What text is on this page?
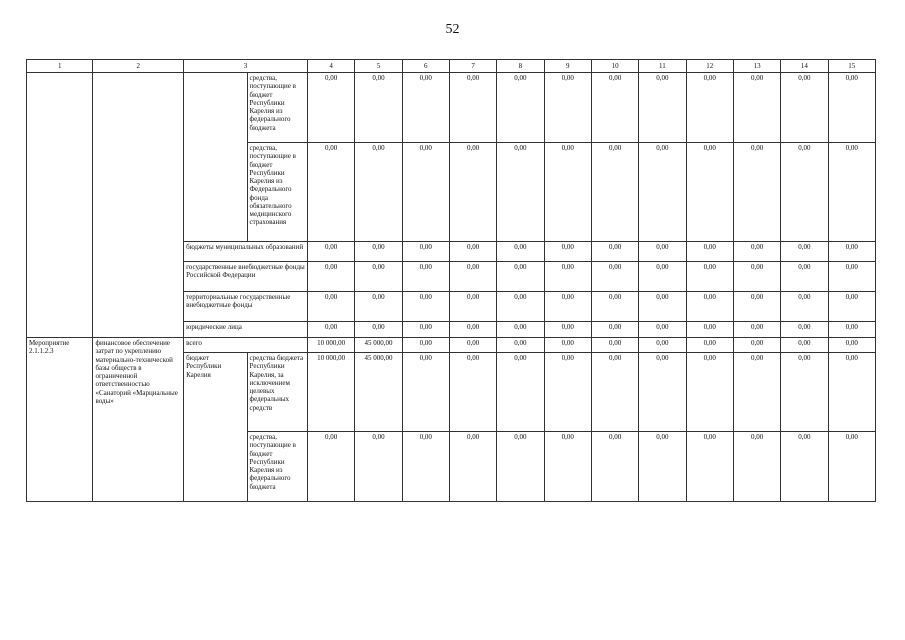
52
1	2	3		4	5	6	7	8	9	10	11	12	13	14	15
			средства, поступающие в бюджет Республики Карелия из федерального бюджета	0,00	0,00	0,00	0,00	0,00	0,00	0,00	0,00	0,00	0,00	0,00	0,00
			средства, поступающие в бюджет Республики Карелия из Федерального фонда обязательного медицинского страхования	0,00	0,00	0,00	0,00	0,00	0,00	0,00	0,00	0,00	0,00	0,00	0,00
		бюджеты муниципальных образований		0,00	0,00	0,00	0,00	0,00	0,00	0,00	0,00	0,00	0,00	0,00	0,00
		государственные внебюджетные фонды Российской Федерации		0,00	0,00	0,00	0,00	0,00	0,00	0,00	0,00	0,00	0,00	0,00	0,00
		территориальные государственные внебюджетные фонды		0,00	0,00	0,00	0,00	0,00	0,00	0,00	0,00	0,00	0,00	0,00	0,00
		юридические лица		0,00	0,00	0,00	0,00	0,00	0,00	0,00	0,00	0,00	0,00	0,00	0,00
Мероприятие 2.1.1.2.3	финансовое обеспечение затрат по укреплению материально-технической базы обществ в ограниченной ответственностью «Санаторий «Марциальные воды»	всего		10 000,00	45 000,00	0,00	0,00	0,00	0,00	0,00	0,00	0,00	0,00	0,00	0,00
		бюджет Республики Карелия	средства бюджета Республики Карелия, за исключением целевых федеральных средств	10 000,00	45 000,00	0,00	0,00	0,00	0,00	0,00	0,00	0,00	0,00	0,00	0,00
			средства, поступающие в бюджет Республики Карелия из федерального бюджета	0,00	0,00	0,00	0,00	0,00	0,00	0,00	0,00	0,00	0,00	0,00	0,00
